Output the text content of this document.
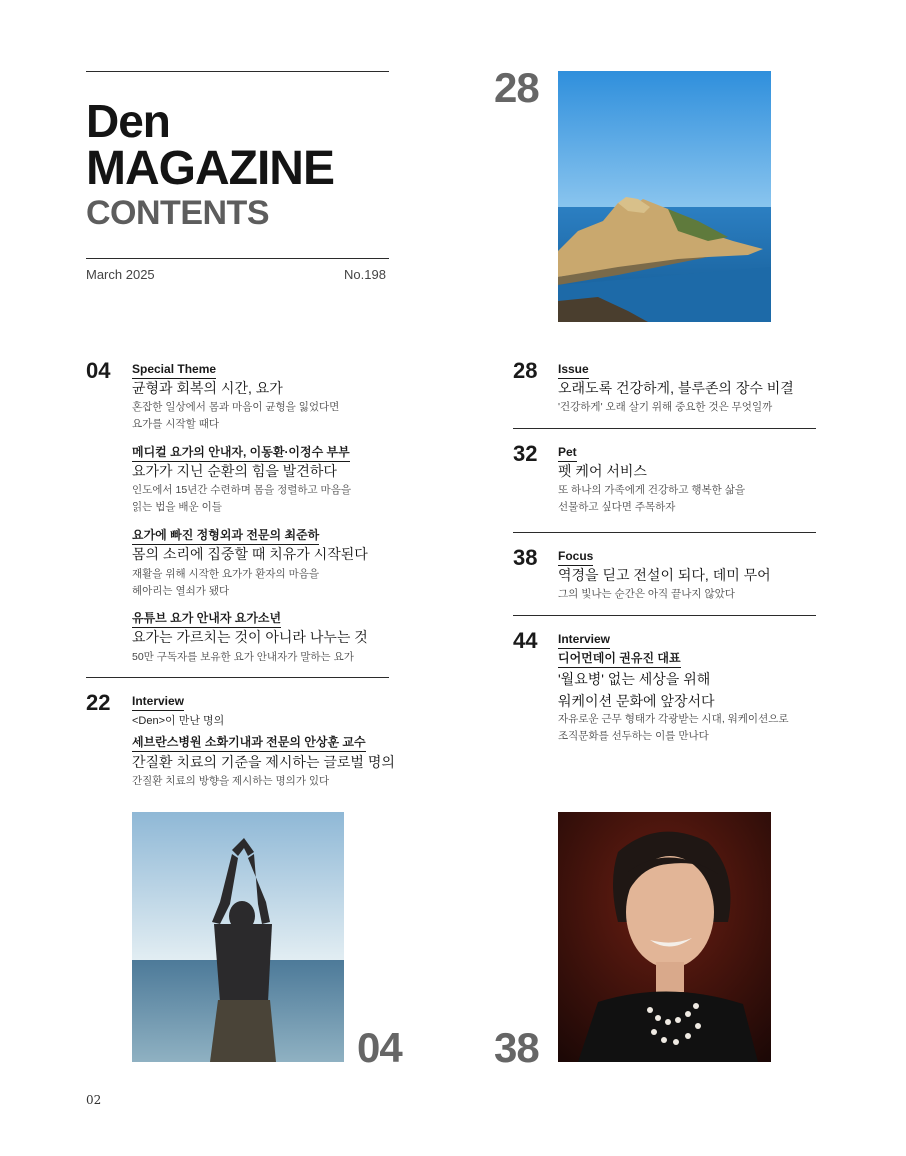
Den
MAGAZINE
CONTENTS
March 2025	No.198
28
04 Special Theme
균형과 회복의 시간, 요가
혼잡한 일상에서 몸과 마음이 균형을 잃었다면
요가를 시작할 때다
메디컬 요가의 안내자, 이동환·이정수 부부
요가가 지닌 순환의 힘을 발견하다
인도에서 15년간 수련하며 몸을 정렬하고 마음을
읽는 법을 배운 이들
요가에 빠진 정형외과 전문의 최준하
몸의 소리에 집중할 때 치유가 시작된다
재활을 위해 시작한 요가가 환자의 마음을
헤아리는 열쇠가 됐다
유튜브 요가 안내자 요가소년
요가는 가르치는 것이 아니라 나누는 것
50만 구독자를 보유한 요가 안내자가 말하는 요가
22 Interview
<Den>이 만난 명의
세브란스병원 소화기내과 전문의 안상훈 교수
간질환 치료의 기준을 제시하는 글로벌 명의
간질환 치료의 방향을 제시하는 명의가 있다
28 Issue
오래도록 건강하게, 블루존의 장수 비결
'건강하게' 오래 살기 위해 중요한 것은 무엇일까
32 Pet
펫 케어 서비스
또 하나의 가족에게 건강하고 행복한 삶을
선물하고 싶다면 주목하자
38 Focus
역경을 딛고 전설이 되다, 데미 무어
그의 빛나는 순간은 아직 끝나지 않았다
44 Interview
디어먼데이 권유진 대표
'월요병' 없는 세상을 위해
워케이션 문화에 앞장서다
자유로운 근무 형태가 각광받는 시대, 워케이션으로
조직문화를 선두하는 이를 만나다
04 38
02
